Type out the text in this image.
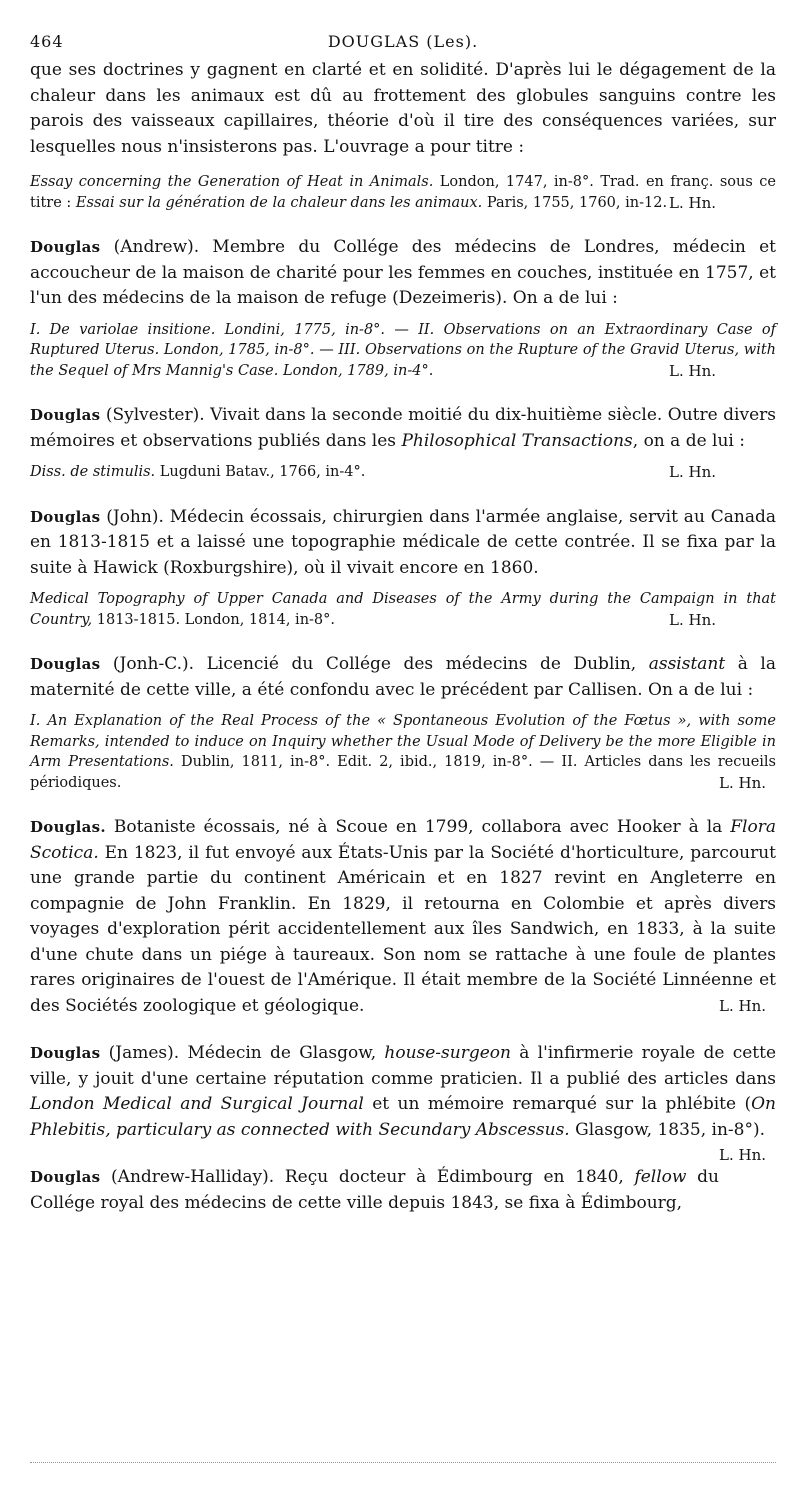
464	DOUGLAS (Les).

que ses doctrines y gagnent en clarté et en solidité. D'après lui le dégagement de la chaleur dans les animaux est dû au frottement des globules sanguins contre les parois des vaisseaux capillaires, théorie d'où il tire des conséquences variées, sur lesquelles nous n'insisterons pas. L'ouvrage a pour titre :

Essay concerning the Generation of Heat in Animals. London, 1747, in-8°. Trad. en franç. sous ce titre : Essai sur la génération de la chaleur dans les animaux. Paris, 1755, 1760, in-12. L. Hn.

Douglas (Andrew). Membre du Collége des médecins de Londres, médecin et accoucheur de la maison de charité pour les femmes en couches, instituée en 1757, et l'un des médecins de la maison de refuge (Dezeimeris). On a de lui :

I. De variolae insitione. Londini, 1775, in-8°. — II. Observations on an Extraordinary Case of Ruptured Uterus. London, 1785, in-8°. — III. Observations on the Rupture of the Gravid Uterus, with the Sequel of Mrs Mannig's Case. London, 1789, in-4°.	L. Hn.

Douglas (Sylvester). Vivait dans la seconde moitié du dix-huitième siècle. Outre divers mémoires et observations publiés dans les Philosophical Transactions, on a de lui :

Diss. de stimulis. Lugduni Batav., 1766, in-4°.	L. Hn.

Douglas (John). Médecin écossais, chirurgien dans l'armée anglaise, servit au Canada en 1813-1815 et a laissé une topographie médicale de cette contrée. Il se fixa par la suite à Hawick (Roxburgshire), où il vivait encore en 1860.

Medical Topography of Upper Canada and Diseases of the Army during the Campaign in that Country, 1813-1815. London, 1814, in-8°.	L. Hn.

Douglas (Jonh-C.). Licencié du Collége des médecins de Dublin, assistant à la maternité de cette ville, a été confondu avec le précédent par Callisen. On a de lui :

I. An Explanation of the Real Process of the « Spontaneous Evolution of the Fœtus », with some Remarks, intended to induce on Inquiry whether the Usual Mode of Delivery be the more Eligible in Arm Presentations. Dublin, 1811, in-8°. Edit. 2, ibid., 1819, in-8°. — II. Articles dans les recueils périodiques.	L. Hn.

Douglas. Botaniste écossais, né à Scoue en 1799, collabora avec Hooker à la Flora Scotica. En 1823, il fut envoyé aux États-Unis par la Société d'horticulture, parcourut une grande partie du continent Américain et en 1827 revint en Angleterre en compagnie de John Franklin. En 1829, il retourna en Colombie et après divers voyages d'exploration périt accidentellement aux îles Sandwich, en 1833, à la suite d'une chute dans un piége à taureaux. Son nom se rattache à une foule de plantes rares originaires de l'ouest de l'Amérique. Il était membre de la Société Linnéenne et des Sociétés zoologique et géologique.	L. Hn.

Douglas (James). Médecin de Glasgow, house-surgeon à l'infirmerie royale de cette ville, y jouit d'une certaine réputation comme praticien. Il a publié des articles dans London Medical and Surgical Journal et un mémoire remarqué sur la phlébite (On Phlebitis, particulary as connected with Secundary Abscessus. Glasgow, 1835, in-8°).
L. Hn.

Douglas (Andrew-Halliday). Reçu docteur à Édimbourg en 1840, fellow du Collége royal des médecins de cette ville depuis 1843, se fixa à Édimbourg,
